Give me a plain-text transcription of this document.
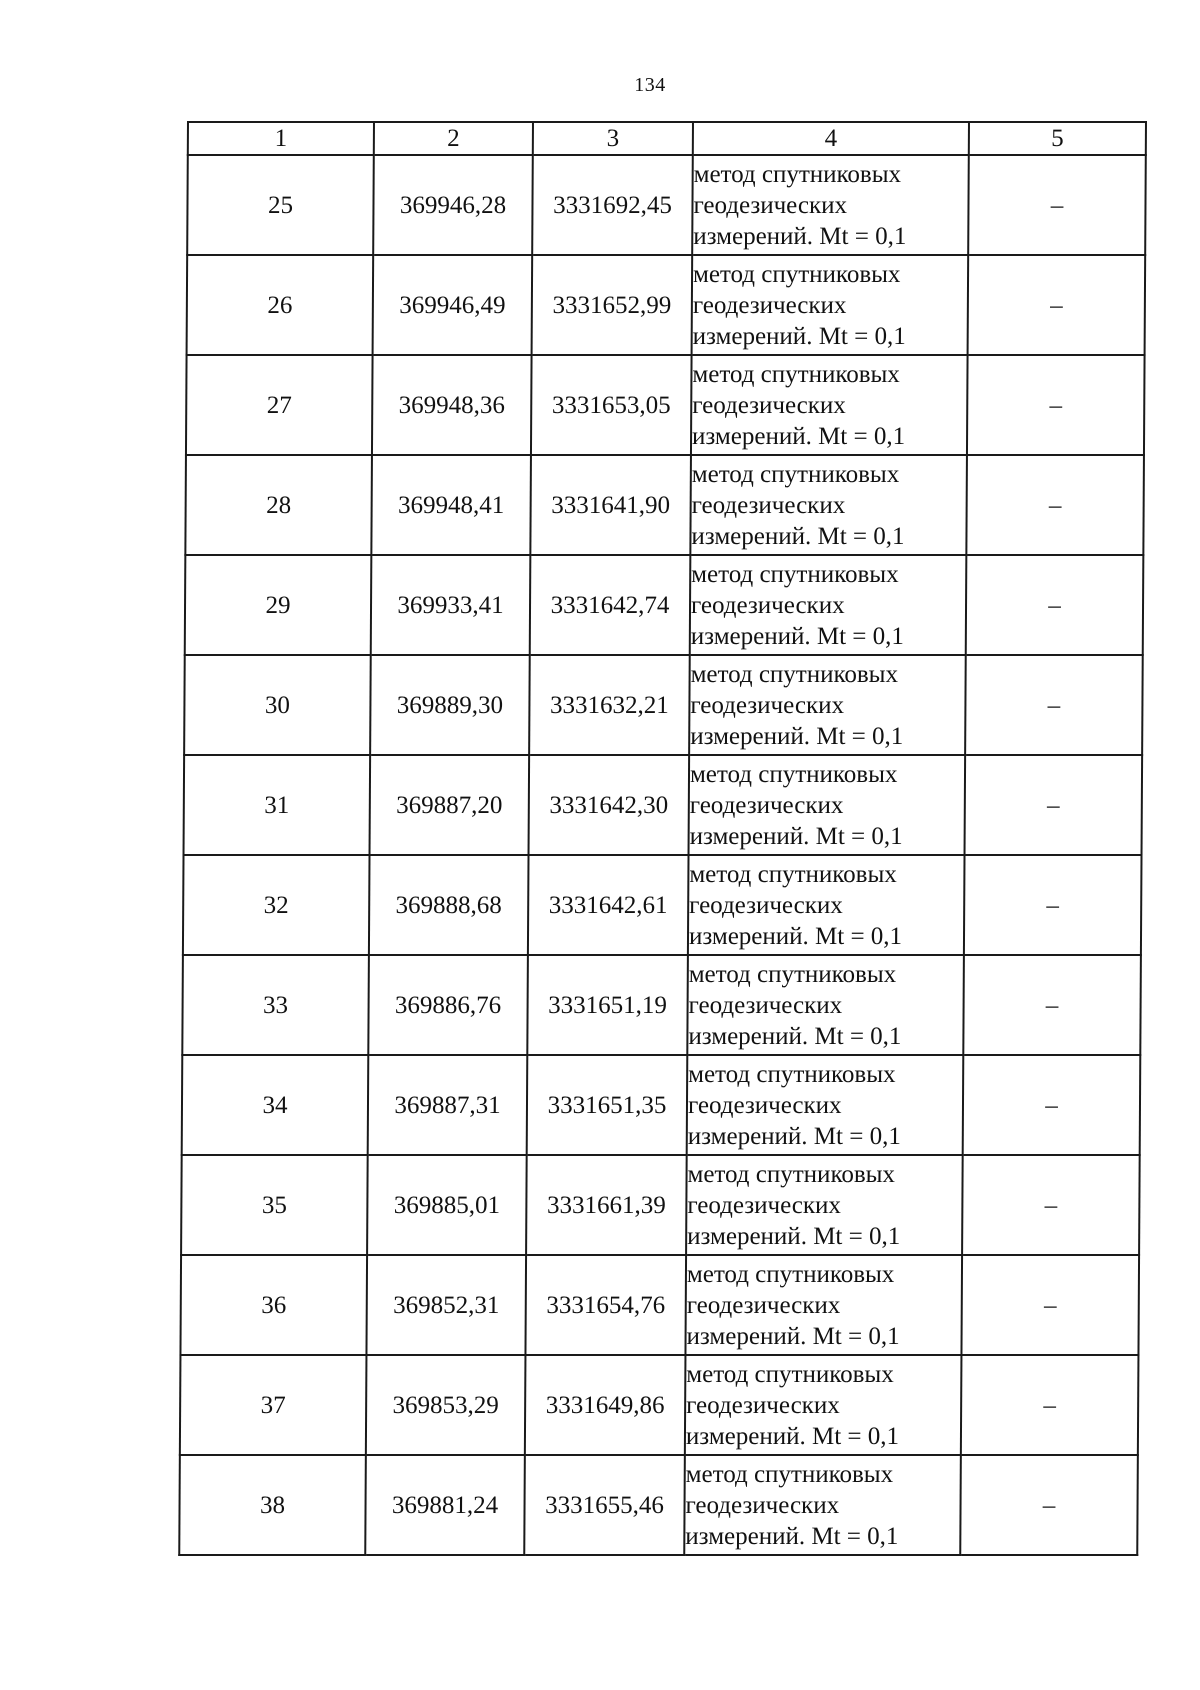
134
1	2	3	4	5
25	369946,28	3331692,45	метод спутниковых
геодезических
измерений. Mt = 0,1	–
26	369946,49	3331652,99	метод спутниковых
геодезических
измерений. Mt = 0,1	–
27	369948,36	3331653,05	метод спутниковых
геодезических
измерений. Mt = 0,1	–
28	369948,41	3331641,90	метод спутниковых
геодезических
измерений. Mt = 0,1	–
29	369933,41	3331642,74	метод спутниковых
геодезических
измерений. Mt = 0,1	–
30	369889,30	3331632,21	метод спутниковых
геодезических
измерений. Mt = 0,1	–
31	369887,20	3331642,30	метод спутниковых
геодезических
измерений. Mt = 0,1	–
32	369888,68	3331642,61	метод спутниковых
геодезических
измерений. Mt = 0,1	–
33	369886,76	3331651,19	метод спутниковых
геодезических
измерений. Mt = 0,1	–
34	369887,31	3331651,35	метод спутниковых
геодезических
измерений. Mt = 0,1	–
35	369885,01	3331661,39	метод спутниковых
геодезических
измерений. Mt = 0,1	–
36	369852,31	3331654,76	метод спутниковых
геодезических
измерений. Mt = 0,1	–
37	369853,29	3331649,86	метод спутниковых
геодезических
измерений. Mt = 0,1	–
38	369881,24	3331655,46	метод спутниковых
геодезических
измерений. Mt = 0,1	–
